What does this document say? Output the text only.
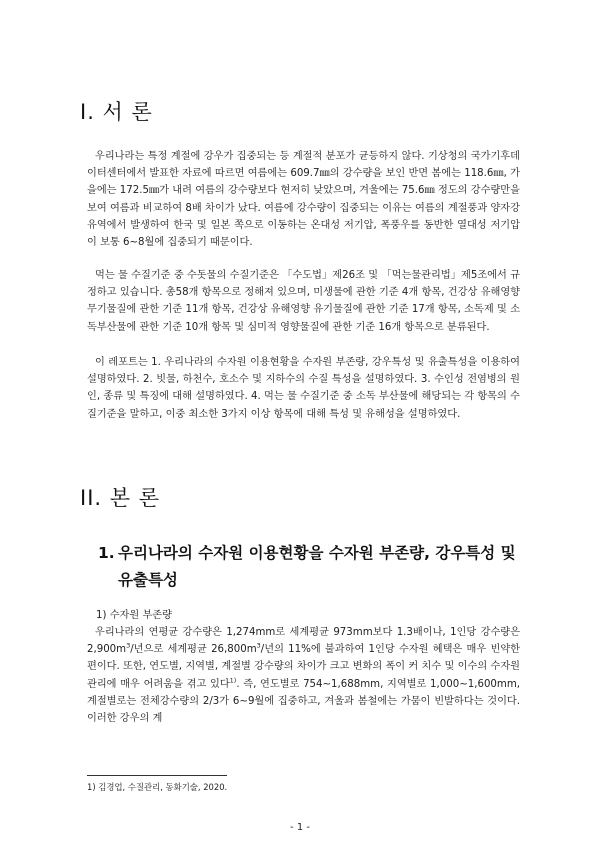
I. 서 론

우리나라는 특정 계절에 강우가 집중되는 등 계절적 분포가 균등하지 않다. 기상청의 국가기후데이터센터에서 발표한 자료에 따르면 여름에는 609.7㎜의 강수량을 보인 반면 봄에는 118.6㎜, 가을에는 172.5㎜가 내려 여름의 강수량보다 현저히 낮았으며, 겨울에는 75.6㎜ 정도의 강수량만을 보여 여름과 비교하여 8배 차이가 났다. 여름에 강수량이 집중되는 이유는 여름의 계절풍과 양자강 유역에서 발생하여 한국 및 일본 쪽으로 이동하는 온대성 저기압, 폭풍우를 동반한 열대성 저기압이 보통 6~8월에 집중되기 때문이다.

먹는 물 수질기준 중 수돗물의 수질기준은 「수도법」제26조 및 「먹는물관리법」제5조에서 규정하고 있습니다. 총58개 항목으로 정해져 있으며, 미생물에 관한 기준 4개 항목, 건강상 유해영향 무기물질에 관한 기준 11개 항목, 건강상 유해영향 유기물질에 관한 기준 17개 항목, 소독제 및 소독부산물에 관한 기준 10개 항목 및 심미적 영향물질에 관한 기준 16개 항목으로 분류된다.

이 레포트는 1. 우리나라의 수자원 이용현황을 수자원 부존량, 강우특성 및 유출특성을 이용하여 설명하였다. 2. 빗물, 하천수, 호소수 및 지하수의 수질 특성을 설명하였다. 3. 수인성 전염병의 원인, 종류 및 특징에 대해 설명하였다. 4. 먹는 물 수질기준 중 소독 부산물에 해당되는 각 항목의 수질기준을 말하고, 이중 최소한 3가지 이상 항목에 대해 특성 및 유해성을 설명하였다.

II. 본 론
1. 우리나라의 수자원 이용현황을 수자원 부존량, 강우특성 및 유출특성

1) 수자원 부존량

우리나라의 연평균 강수량은 1,274mm로 세계평균 973mm보다 1.3배이나, 1인당 강수량은 $2,900m^3/$년으로 세계평균 $26,800m^3/$년의 11%에 불과하여 1인당 수자원 혜택은 매우 빈약한 편이다. 또한, 연도별, 지역별, 계절별 강수량의 차이가 크고 변화의 폭이 커 치수 및 이수의 수자원관리에 매우 어려움을 겪고 있다$^{1)}$. 즉, 연도별로 754∼1,688mm, 지역별로 1,000∼1,600mm, 계절별로는 전체강수량의 2/3가 6∼9월에 집중하고, 겨울과 봄철에는 가뭄이 빈발하다는 것이다. 이러한 강우의 계

1) 김경업, 수질관리, 동화기술, 2020.

- 1 -
